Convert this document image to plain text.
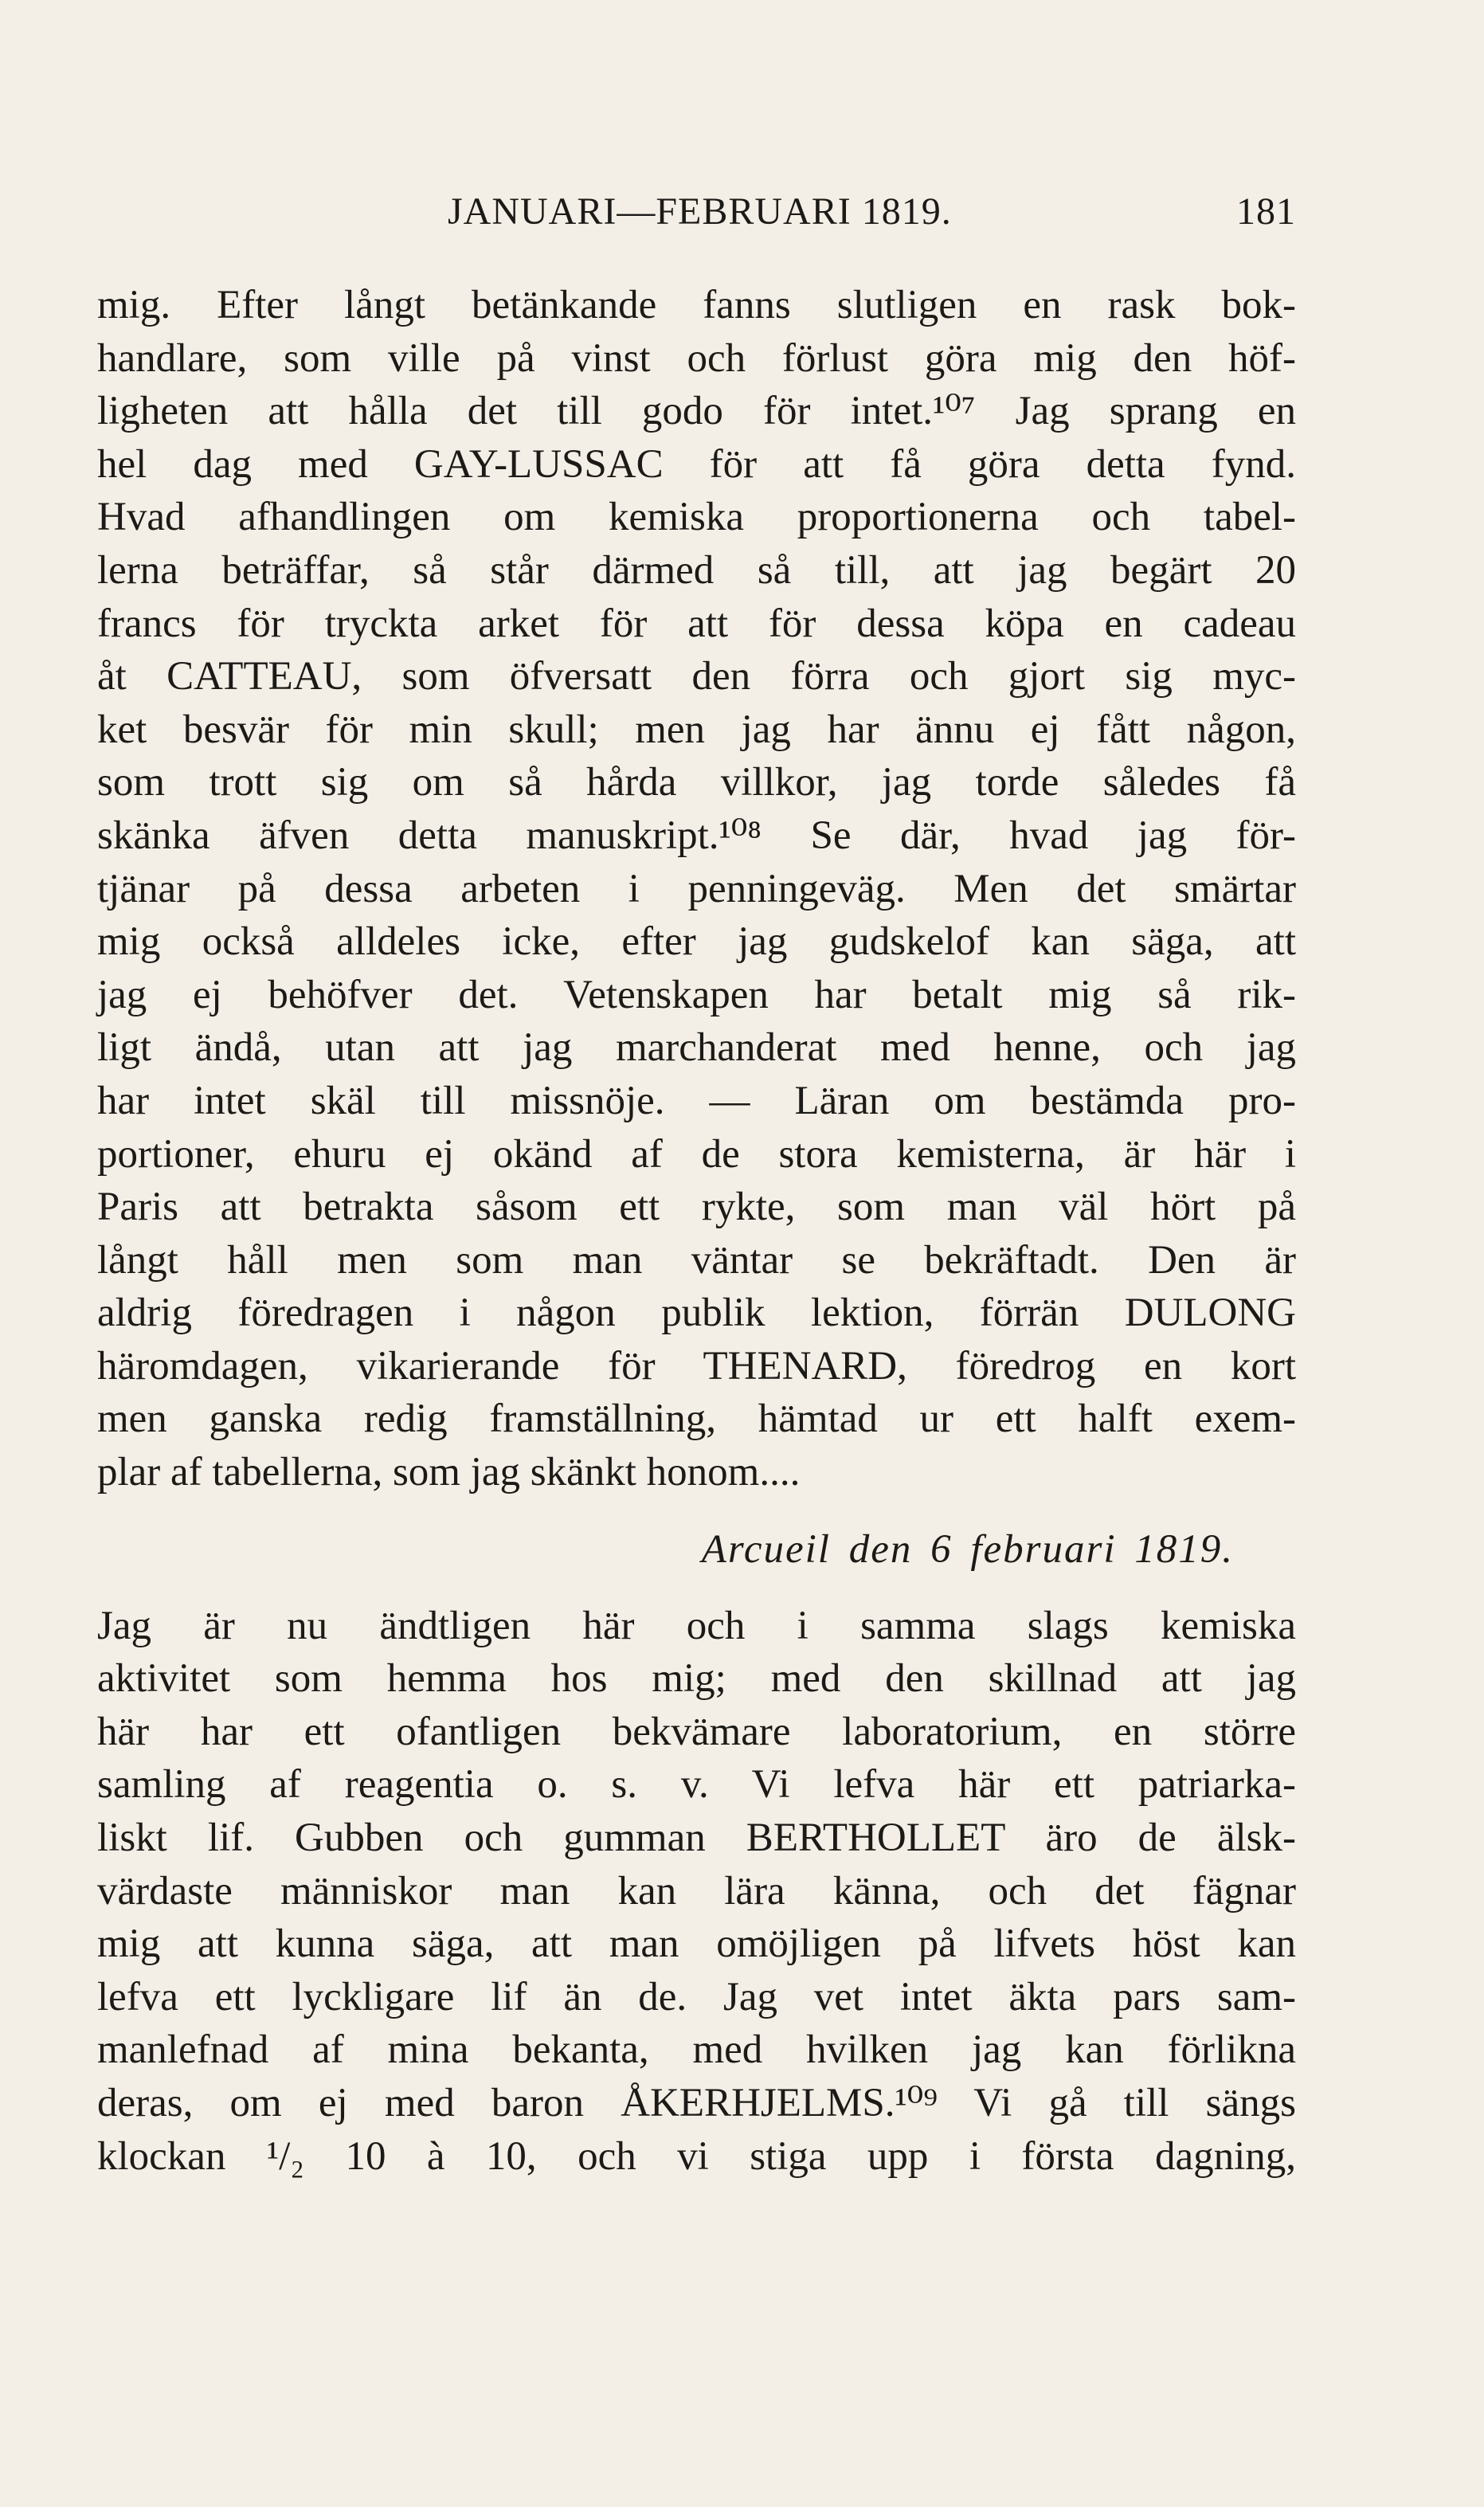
JANUARI—FEBRUARI 1819.	181
mig. Efter långt betänkande fanns slutligen en rask bok-
handlare, som ville på vinst och förlust göra mig den höf-
ligheten att hålla det till godo för intet.¹⁰⁷ Jag sprang en
hel dag med GAY-LUSSAC för att få göra detta fynd.
Hvad afhandlingen om kemiska proportionerna och tabel-
lerna beträffar, så står därmed så till, att jag begärt 20
francs för tryckta arket för att för dessa köpa en cadeau
åt CATTEAU, som öfversatt den förra och gjort sig myc-
ket besvär för min skull; men jag har ännu ej fått någon,
som trott sig om så hårda villkor, jag torde således få
skänka äfven detta manuskript.¹⁰⁸ Se där, hvad jag för-
tjänar på dessa arbeten i penningeväg. Men det smärtar
mig också alldeles icke, efter jag gudskelof kan säga, att
jag ej behöfver det. Vetenskapen har betalt mig så rik-
ligt ändå, utan att jag marchanderat med henne, och jag
har intet skäl till missnöje. — Läran om bestämda pro-
portioner, ehuru ej okänd af de stora kemisterna, är här i
Paris att betrakta såsom ett rykte, som man väl hört på
långt håll men som man väntar se bekräftadt. Den är
aldrig föredragen i någon publik lektion, förrän DULONG
häromdagen, vikarierande för THENARD, föredrog en kort
men ganska redig framställning, hämtad ur ett halft exem-
plar af tabellerna, som jag skänkt honom....
Arcueil den 6 februari 1819.
Jag är nu ändtligen här och i samma slags kemiska
aktivitet som hemma hos mig; med den skillnad att jag
här har ett ofantligen bekvämare laboratorium, en större
samling af reagentia o. s. v. Vi lefva här ett patriarka-
liskt lif. Gubben och gumman BERTHOLLET äro de älsk-
värdaste människor man kan lära känna, och det fägnar
mig att kunna säga, att man omöjligen på lifvets höst kan
lefva ett lyckligare lif än de. Jag vet intet äkta pars sam-
manlefnad af mina bekanta, med hvilken jag kan förlikna
deras, om ej med baron ÅKERHJELMS.¹⁰⁹ Vi gå till sängs
klockan ¹/₂ 10 à 10, och vi stiga upp i första dagning,
